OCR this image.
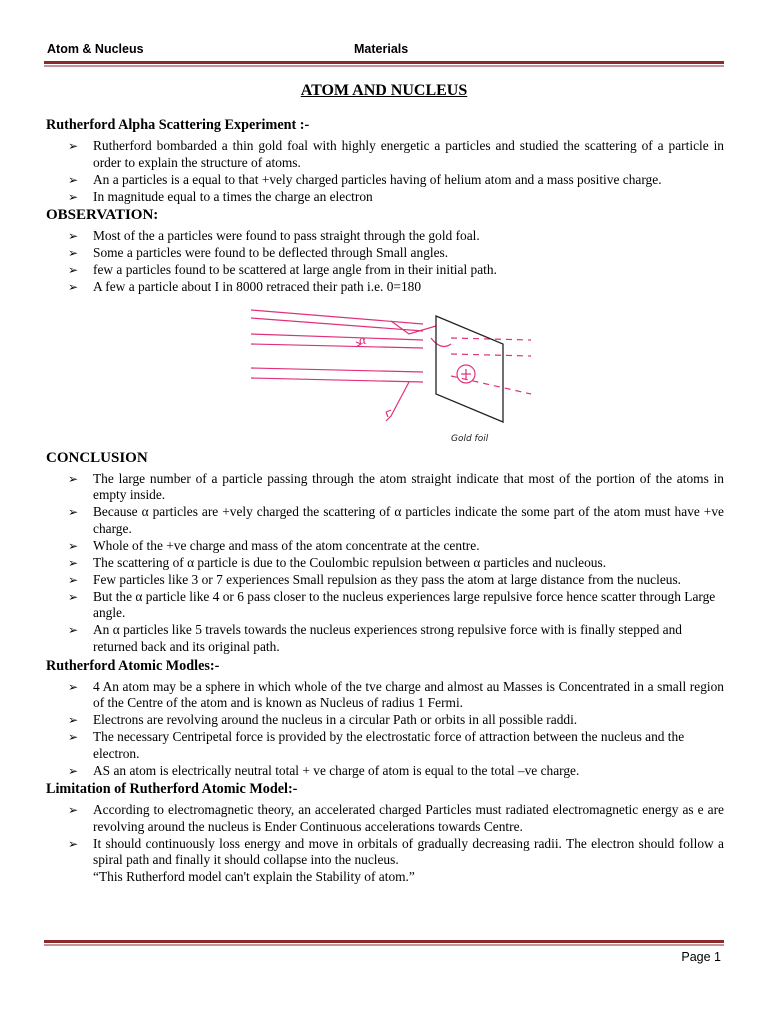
Atom & Nucleus	Materials
ATOM AND NUCLEUS
Rutherford Alpha Scattering Experiment :-
➢ Rutherford bombarded a thin gold foal with highly energetic a particles and studied the scattering of a particle in order to explain the structure of atoms.
➢ An a particles is a equal to that +vely charged particles having of helium atom and a mass positive charge.
➢ In magnitude equal to a times the charge an electron
OBSERVATION:
➢ Most of the a particles were found to pass straight through the gold foal.
➢ Some a particles were found to be deflected through Small angles.
➢ few a particles found to be scattered at large angle from in their initial path.
➢ A few a particle about I in 8000 retraced their path i.e. 0=180
α
Gold foil
CONCLUSION
➢ The large number of a particle passing through the atom straight indicate that most of the portion of the atoms in empty inside.
➢ Because α particles are +vely charged the scattering of α particles indicate the some part of the atom must have +ve charge.
➢ Whole of the +ve charge and mass of the atom concentrate at the centre.
➢ The scattering of α particle is due to the Coulombic repulsion between α particles and nucleous.
➢ Few particles like 3 or 7 experiences Small repulsion as they pass the atom at large distance from the nucleus.
➢ But the α particle like 4 or 6 pass closer to the nucleus experiences large repulsive force hence scatter through Large angle.
➢ An α particles like 5 travels towards the nucleus experiences strong repulsive force with is finally stepped and returned back and its original path.
Rutherford Atomic Modles:-
➢ 4 An atom may be a sphere in which whole of the tve charge and almost au Masses is Concentrated in a small region of the Centre of the atom and is known as Nucleus of radius 1 Fermi.
➢ Electrons are revolving around the nucleus in a circular Path or orbits in all possible raddi.
➢ The necessary Centripetal force is provided by the electrostatic force of attraction between the nucleus and the electron.
➢ AS an atom is electrically neutral total + ve charge of atom is equal to the total –ve charge.
Limitation of Rutherford Atomic Model:-
➢ According to electromagnetic theory, an accelerated charged Particles must radiated electromagnetic energy as e are revolving around the nucleus is Ender Continuous accelerations towards Centre.
➢ It should continuously loss energy and move in orbitals of gradually decreasing radii. The electron should follow a spiral path and finally it should collapse into the nucleus.
“This Rutherford model can't explain the Stability of atom.”
Page 1
